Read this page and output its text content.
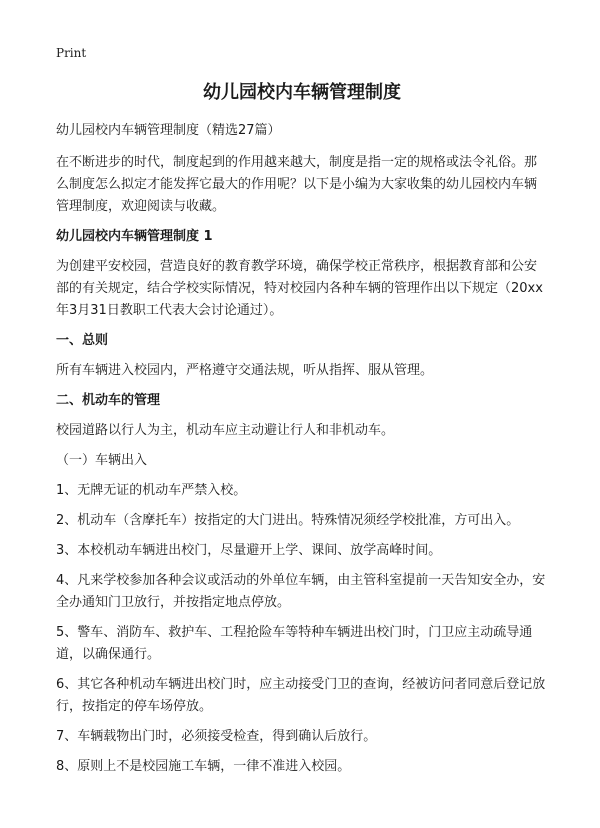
Print
幼儿园校内车辆管理制度
幼儿园校内车辆管理制度（精选27篇）
在不断进步的时代，制度起到的作用越来越大，制度是指一定的规格或法令礼俗。那么制度怎么拟定才能发挥它最大的作用呢？以下是小编为大家收集的幼儿园校内车辆管理制度，欢迎阅读与收藏。
幼儿园校内车辆管理制度 1
为创建平安校园，营造良好的教育教学环境，确保学校正常秩序，根据教育部和公安部的有关规定，结合学校实际情况，特对校园内各种车辆的管理作出以下规定（20xx年3月31日教职工代表大会讨论通过）。
一、总则
所有车辆进入校园内，严格遵守交通法规，听从指挥、服从管理。
二、机动车的管理
校园道路以行人为主，机动车应主动避让行人和非机动车。
（一）车辆出入
1、无牌无证的机动车严禁入校。
2、机动车（含摩托车）按指定的大门进出。特殊情况须经学校批准，方可出入。
3、本校机动车辆进出校门，尽量避开上学、课间、放学高峰时间。
4、凡来学校参加各种会议或活动的外单位车辆，由主管科室提前一天告知安全办，安全办通知门卫放行，并按指定地点停放。
5、警车、消防车、救护车、工程抢险车等特种车辆进出校门时，门卫应主动疏导通道，以确保通行。
6、其它各种机动车辆进出校门时，应主动接受门卫的查询，经被访问者同意后登记放行，按指定的停车场停放。
7、车辆载物出门时，必须接受检查，得到确认后放行。
8、原则上不是校园施工车辆，一律不准进入校园。
